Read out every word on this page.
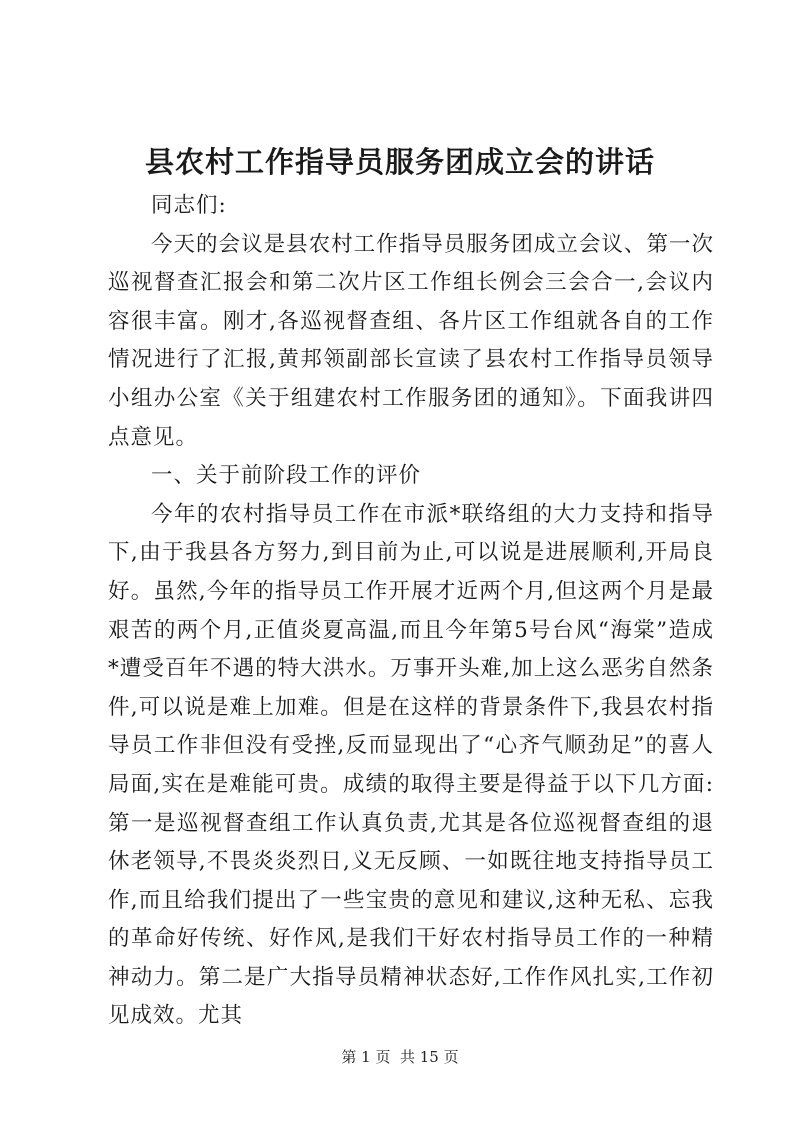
县农村工作指导员服务团成立会的讲话

同志们:

今天的会议是县农村工作指导员服务团成立会议、第一次巡视督查汇报会和第二次片区工作组长例会三会合一,会议内容很丰富。刚才,各巡视督查组、各片区工作组就各自的工作情况进行了汇报,黄邦领副部长宣读了县农村工作指导员领导小组办公室《关于组建农村工作服务团的通知》。下面我讲四点意见。

一、关于前阶段工作的评价

今年的农村指导员工作在市派*联络组的大力支持和指导下,由于我县各方努力,到目前为止,可以说是进展顺利,开局良好。虽然,今年的指导员工作开展才近两个月,但这两个月是最艰苦的两个月,正值炎夏高温,而且今年第5号台风“海棠”造成*遭受百年不遇的特大洪水。万事开头难,加上这么恶劣自然条件,可以说是难上加难。但是在这样的背景条件下,我县农村指导员工作非但没有受挫,反而显现出了“心齐气顺劲足”的喜人局面,实在是难能可贵。成绩的取得主要是得益于以下几方面:第一是巡视督查组工作认真负责,尤其是各位巡视督查组的退休老领导,不畏炎炎烈日,义无反顾、一如既往地支持指导员工作,而且给我们提出了一些宝贵的意见和建议,这种无私、忘我的革命好传统、好作风,是我们干好农村指导员工作的一种精神动力。第二是广大指导员精神状态好,工作作风扎实,工作初见成效。尤其

第 1 页  共 15 页
